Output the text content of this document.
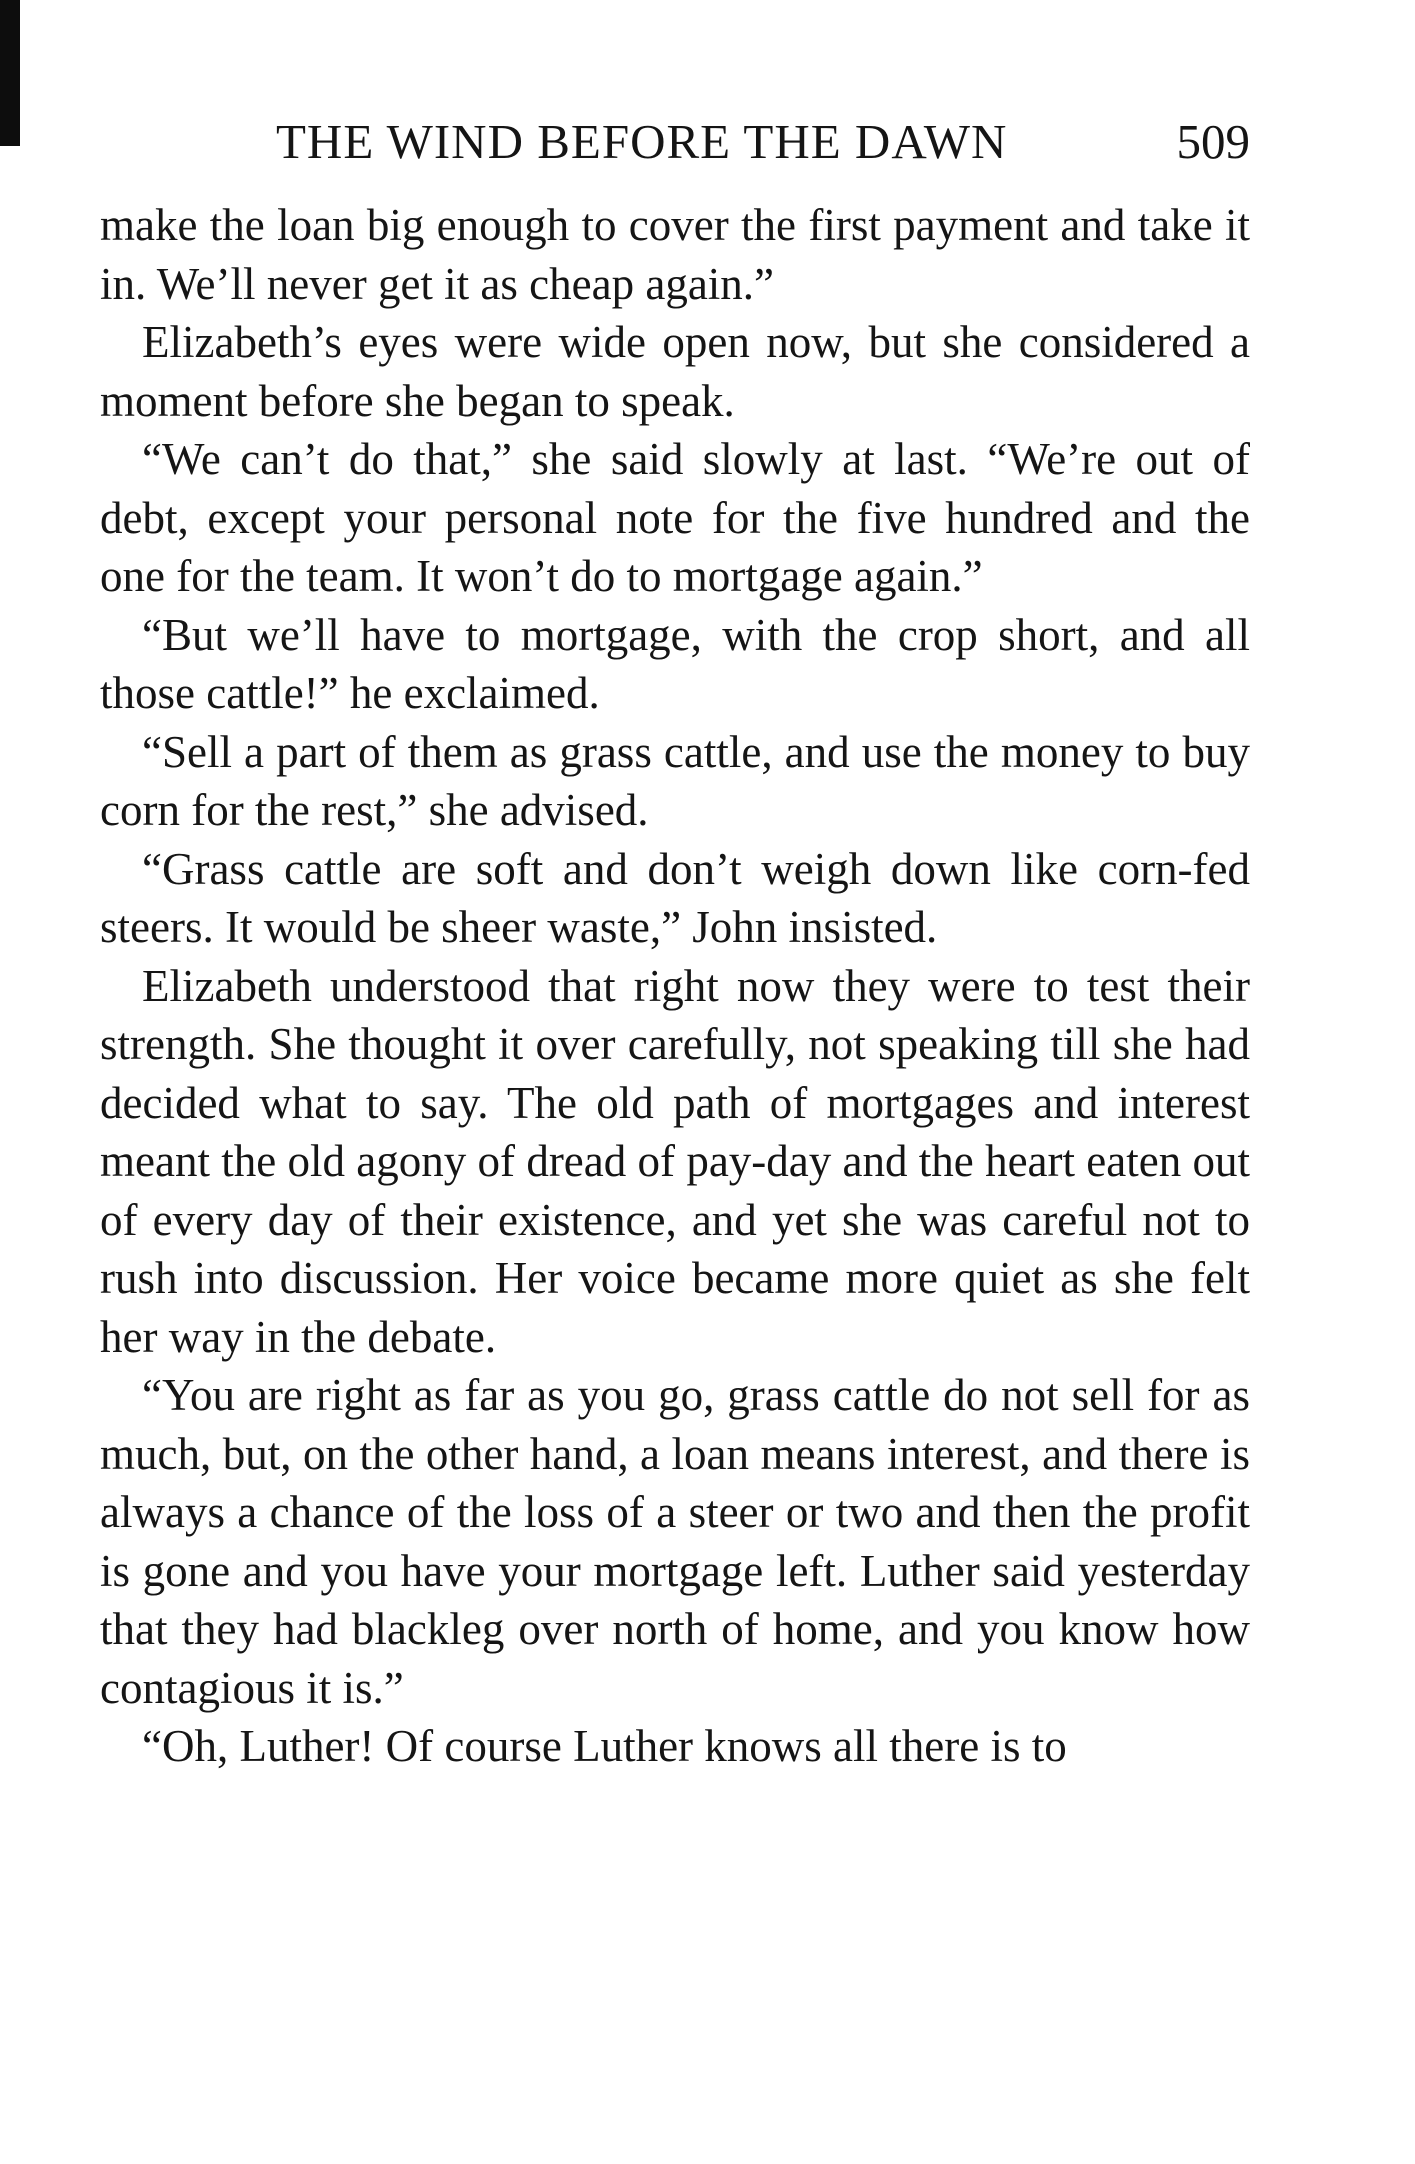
THE WIND BEFORE THE DAWN	509

make the loan big enough to cover the first payment and take it in. We’ll never get it as cheap again.”

Elizabeth’s eyes were wide open now, but she considered a moment before she began to speak.

“We can’t do that,” she said slowly at last. “We’re out of debt, except your personal note for the five hundred and the one for the team. It won’t do to mortgage again.”

“But we’ll have to mortgage, with the crop short, and all those cattle!” he exclaimed.

“Sell a part of them as grass cattle, and use the money to buy corn for the rest,” she advised.

“Grass cattle are soft and don’t weigh down like corn-fed steers. It would be sheer waste,” John insisted.

Elizabeth understood that right now they were to test their strength. She thought it over carefully, not speaking till she had decided what to say. The old path of mortgages and interest meant the old agony of dread of pay-day and the heart eaten out of every day of their existence, and yet she was careful not to rush into discussion. Her voice became more quiet as she felt her way in the debate.

“You are right as far as you go, grass cattle do not sell for as much, but, on the other hand, a loan means interest, and there is always a chance of the loss of a steer or two and then the profit is gone and you have your mortgage left. Luther said yesterday that they had blackleg over north of home, and you know how contagious it is.”

“Oh, Luther! Of course Luther knows all there is to
